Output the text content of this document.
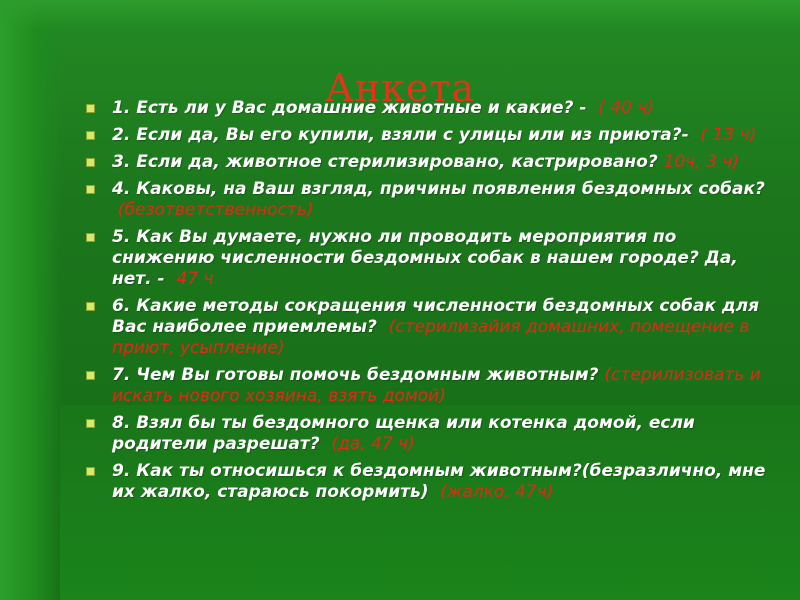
Анкета
1. Есть ли у Вас домашние животные и какие? - ( 40 ч)
2. Если да, Вы его купили, взяли с улицы или из приюта?- ( 13 ч)
3. Если да, животное стерилизировано, кастрировано? 10ч, 3 ч)
4. Каковы, на Ваш взгляд, причины появления бездомных собак?  (безответственность)
5. Как Вы думаете, нужно ли проводить мероприятия по снижению численности бездомных собак в нашем городе? Да, нет. - 47 ч
6. Какие методы сокращения численности бездомных собак для Вас наиболее приемлемы? (стерилизайия домашних, помещение в приют, усыпление)
7. Чем Вы готовы помочь бездомным животным? (стерилизовать и искать нового хозяина, взять домой)
8. Взял бы ты бездомного щенка или котенка домой, если родители разрешат? (да, 47 ч)
9. Как ты относишься к бездомным животным?(безразлично, мне их жалко, стараюсь покормить) (жалко, 47ч)
